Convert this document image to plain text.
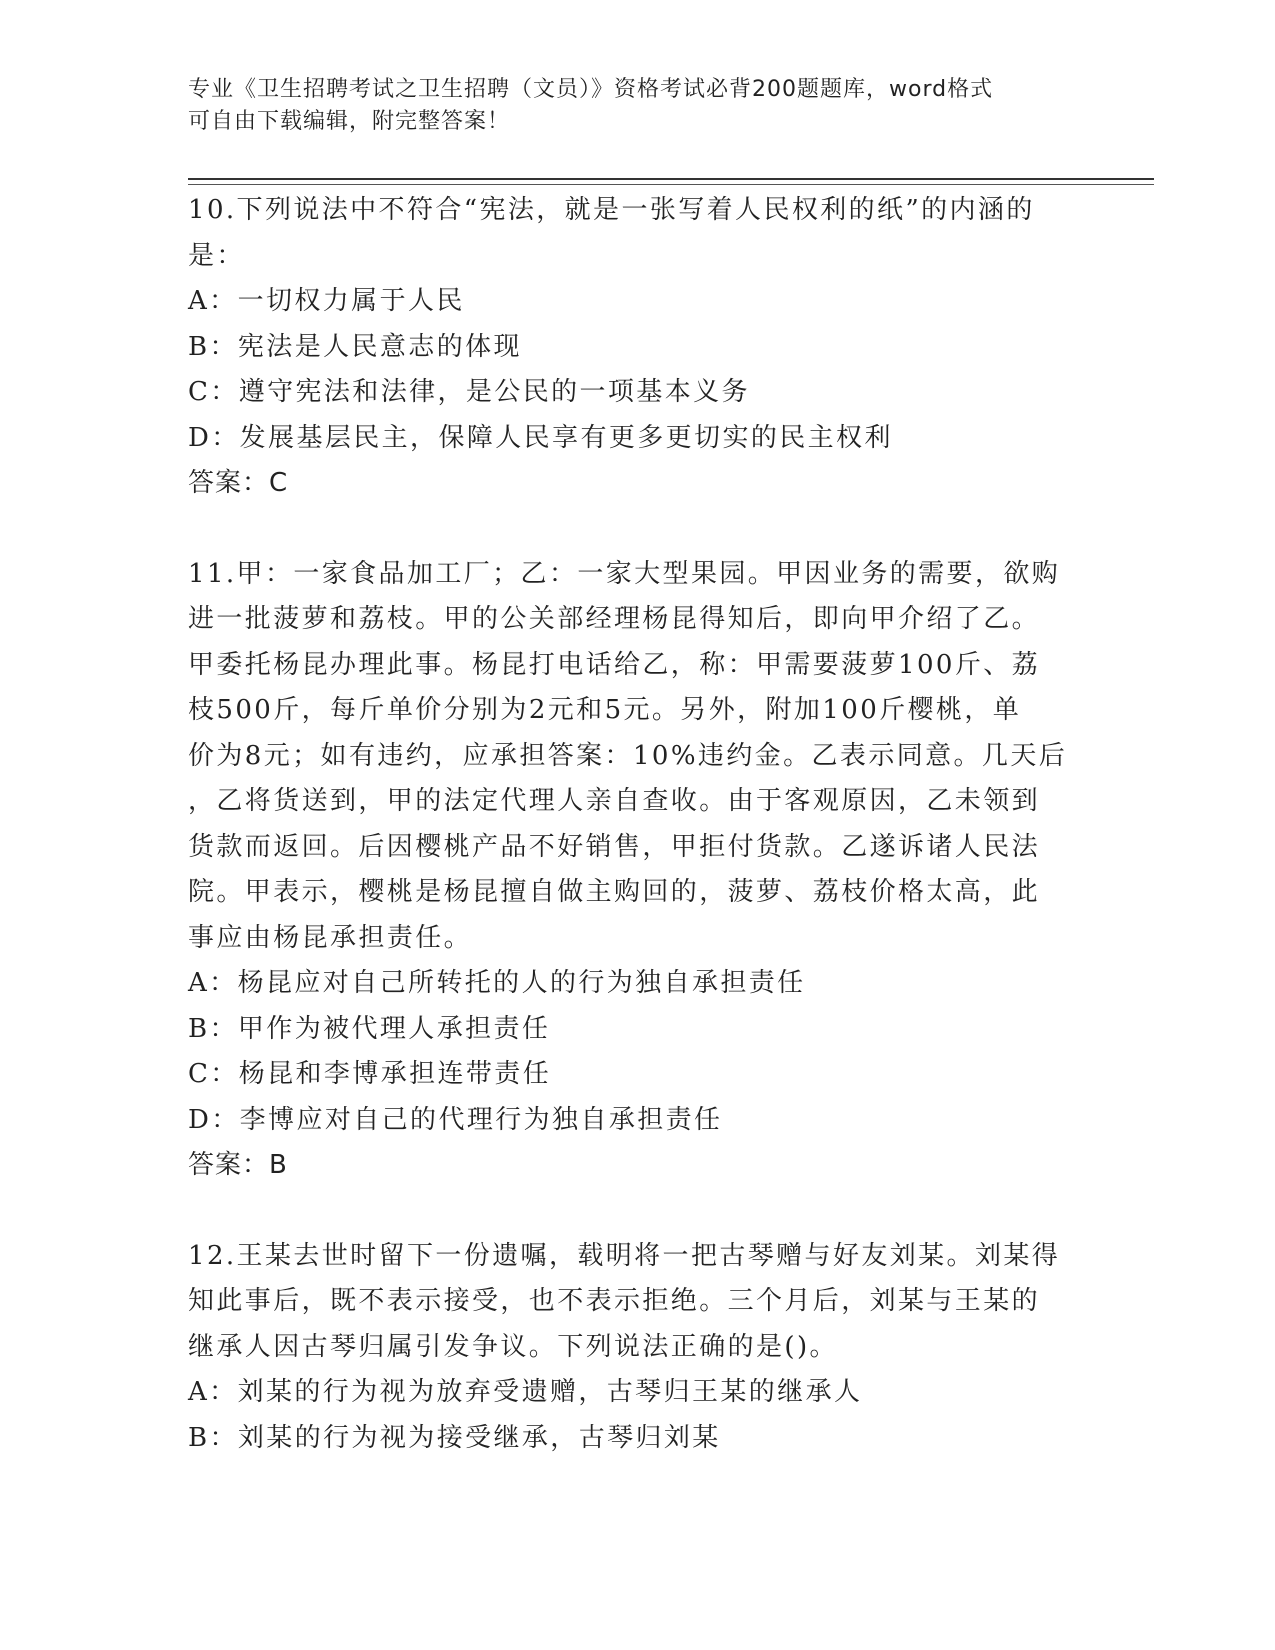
专业《卫生招聘考试之卫生招聘（文员）》资格考试必背200题题库，word格式
可自由下载编辑，附完整答案！
10.下列说法中不符合“宪法，就是一张写着人民权利的纸”的内涵的
是：
A：一切权力属于人民
B：宪法是人民意志的体现
C：遵守宪法和法律，是公民的一项基本义务
D：发展基层民主，保障人民享有更多更切实的民主权利
答案：C
11.甲：一家食品加工厂；乙：一家大型果园。甲因业务的需要，欲购
进一批菠萝和荔枝。甲的公关部经理杨昆得知后，即向甲介绍了乙。
甲委托杨昆办理此事。杨昆打电话给乙，称：甲需要菠萝100斤、荔
枝500斤，每斤单价分别为2元和5元。另外，附加100斤樱桃，单
价为8元；如有违约，应承担答案：10%违约金。乙表示同意。几天后
，乙将货送到，甲的法定代理人亲自查收。由于客观原因，乙未领到
货款而返回。后因樱桃产品不好销售，甲拒付货款。乙遂诉诸人民法
院。甲表示，樱桃是杨昆擅自做主购回的，菠萝、荔枝价格太高，此
事应由杨昆承担责任。
A：杨昆应对自己所转托的人的行为独自承担责任
B：甲作为被代理人承担责任
C：杨昆和李博承担连带责任
D：李博应对自己的代理行为独自承担责任
答案：B
12.王某去世时留下一份遗嘱，载明将一把古琴赠与好友刘某。刘某得
知此事后，既不表示接受，也不表示拒绝。三个月后，刘某与王某的
继承人因古琴归属引发争议。下列说法正确的是()。
A：刘某的行为视为放弃受遗赠，古琴归王某的继承人
B：刘某的行为视为接受继承，古琴归刘某
